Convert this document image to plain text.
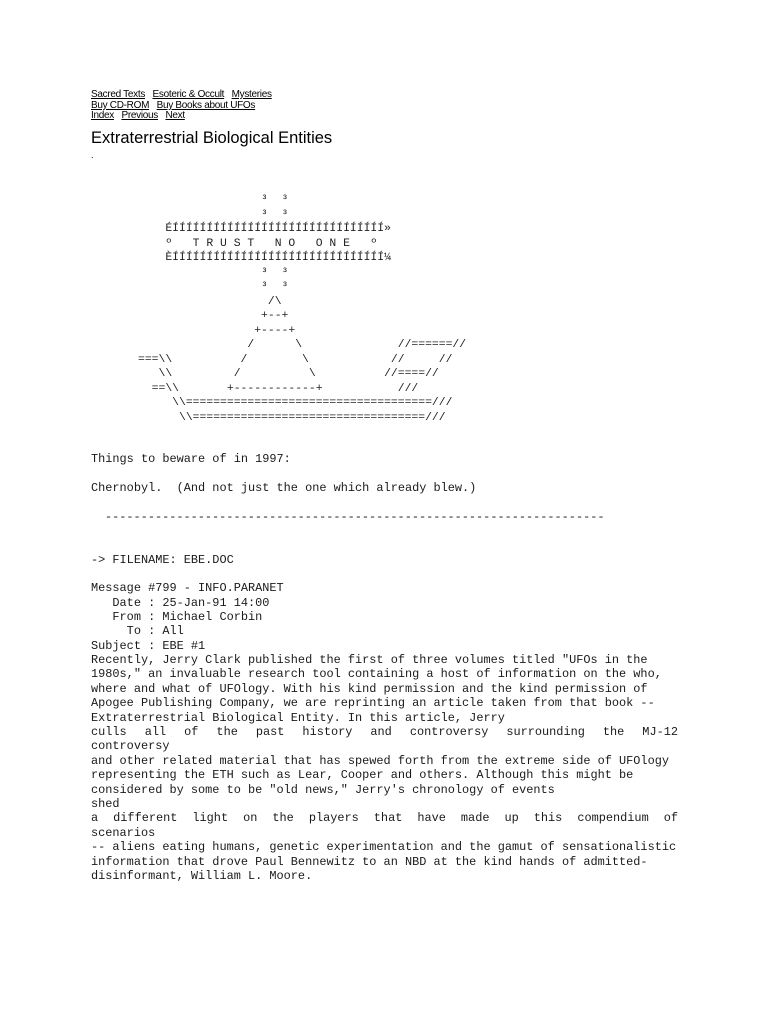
Sacred Texts Esoteric & Occult Mysteries
Buy CD-ROM Buy Books about UFOs
Index Previous Next
Extraterrestrial Biological Entities
.
Things to beware of in 1997:
Chernobyl.  (And not just the one which already blew.)
----------------------------------------------------------------------
-> FILENAME: EBE.DOC
Message #799 - INFO.PARANET
Date : 25-Jan-91 14:00
From : Michael Corbin
To : All
Subject : EBE #1

Recently, Jerry Clark published the first of three volumes titled "UFOs in the 1980s," an invaluable research tool containing a host of information on the who, where and what of UFOlogy. With his kind permission and the kind permission of Apogee Publishing Company, we are reprinting an article taken from that book -- Extraterrestrial Biological Entity. In this article, Jerry

culls all of the past history and controversy surrounding the MJ-12

controversy

and other related material that has spewed forth from the extreme side of UFOlogy representing the ETH such as Lear, Cooper and others. Although this might be considered by some to be "old news," Jerry's chronology of events

shed

a different light on the players that have made up this compendium of

scenarios

-- aliens eating humans, genetic experimentation and the gamut of sensationalistic information that drove Paul Bennewitz to an NBD at the kind hands of admitted-disinformant, William L. Moore.

³  ³
³  ³
ÉÍÍÍÍÍÍÍÍÍÍÍÍÍÍÍÍÍÍÍÍÍÍÍÍÍÍÍÍÍÍÍ»
º   T R U S T   N O   O N E   º
ÈÍÍÍÍÍÍÍÍÍÍÍÍÍÍÍÍÍÍÍÍÍÍÍÍÍÍÍÍÍÍÍ¼
³  ³
³  ³
/\
+--+
+----+
/      \              //======//
===\\          /        \            //     //
\\         /          \          //====//
==\\       +------------+           ///
\\====================================///
\\==================================///
